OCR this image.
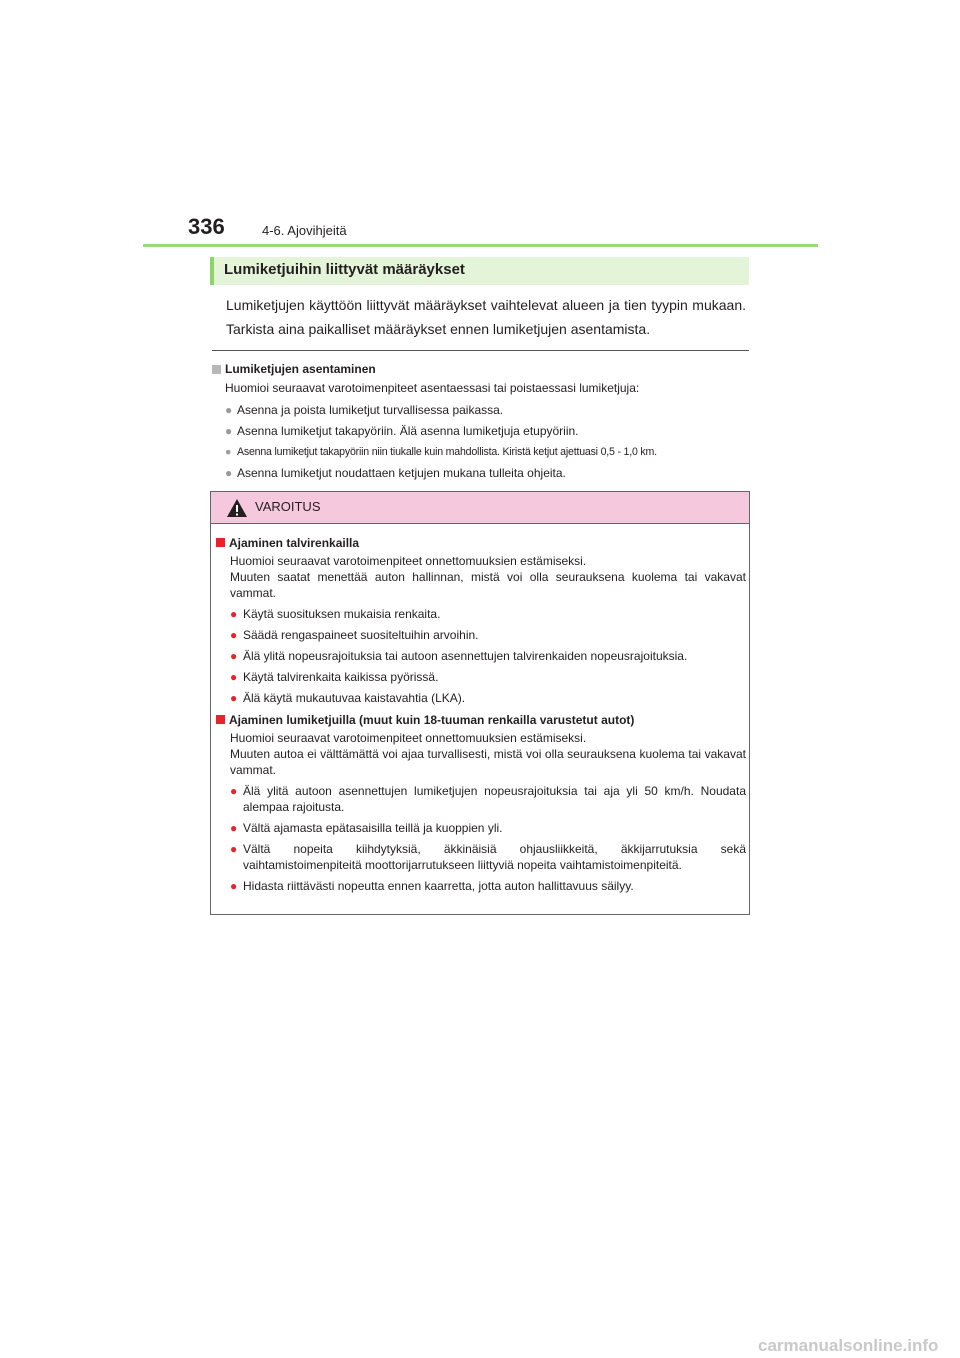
336	4-6. Ajovihjeitä
Lumiketjuihin liittyvät määräykset
Lumiketjujen käyttöön liittyvät määräykset vaihtelevat alueen ja tien tyypin mukaan. Tarkista aina paikalliset määräykset ennen lumiketjujen asentamista.
Lumiketjujen asentaminen
Huomioi seuraavat varotoimenpiteet asentaessasi tai poistaessasi lumiketjuja:
● Asenna ja poista lumiketjut turvallisessa paikassa.
● Asenna lumiketjut takapyöriin. Älä asenna lumiketjuja etupyöriin.
● Asenna lumiketjut takapyöriin niin tiukalle kuin mahdollista. Kiristä ketjut ajettuasi 0,5 - 1,0 km.
● Asenna lumiketjut noudattaen ketjujen mukana tulleita ohjeita.
VAROITUS
Ajaminen talvirenkailla
Huomioi seuraavat varotoimenpiteet onnettomuuksien estämiseksi.
Muuten saatat menettää auton hallinnan, mistä voi olla seurauksena kuolema tai vakavat vammat.
● Käytä suosituksen mukaisia renkaita.
● Säädä rengaspaineet suositeltuihin arvoihin.
● Älä ylitä nopeusrajoituksia tai autoon asennettujen talvirenkaiden nopeusrajoituksia.
● Käytä talvirenkaita kaikissa pyörissä.
● Älä käytä mukautuvaa kaistavahtia (LKA).
Ajaminen lumiketjuilla (muut kuin 18-tuuman renkailla varustetut autot)
Huomioi seuraavat varotoimenpiteet onnettomuuksien estämiseksi.
Muuten autoa ei välttämättä voi ajaa turvallisesti, mistä voi olla seurauksena kuolema tai vakavat vammat.
● Älä ylitä autoon asennettujen lumiketjujen nopeusrajoituksia tai aja yli 50 km/h. Noudata alempaa rajoitusta.
● Vältä ajamasta epätasaisilla teillä ja kuoppien yli.
● Vältä nopeita kiihdytyksiä, äkkinäisiä ohjausliikkeitä, äkkijarrutuksia sekä vaihtamistoimenpiteitä moottorijarrutukseen liittyviä nopeita vaihtamistoimenpiteitä.
● Hidasta riittävästi nopeutta ennen kaarretta, jotta auton hallittavuus säilyy.
carmanualsonline.info
